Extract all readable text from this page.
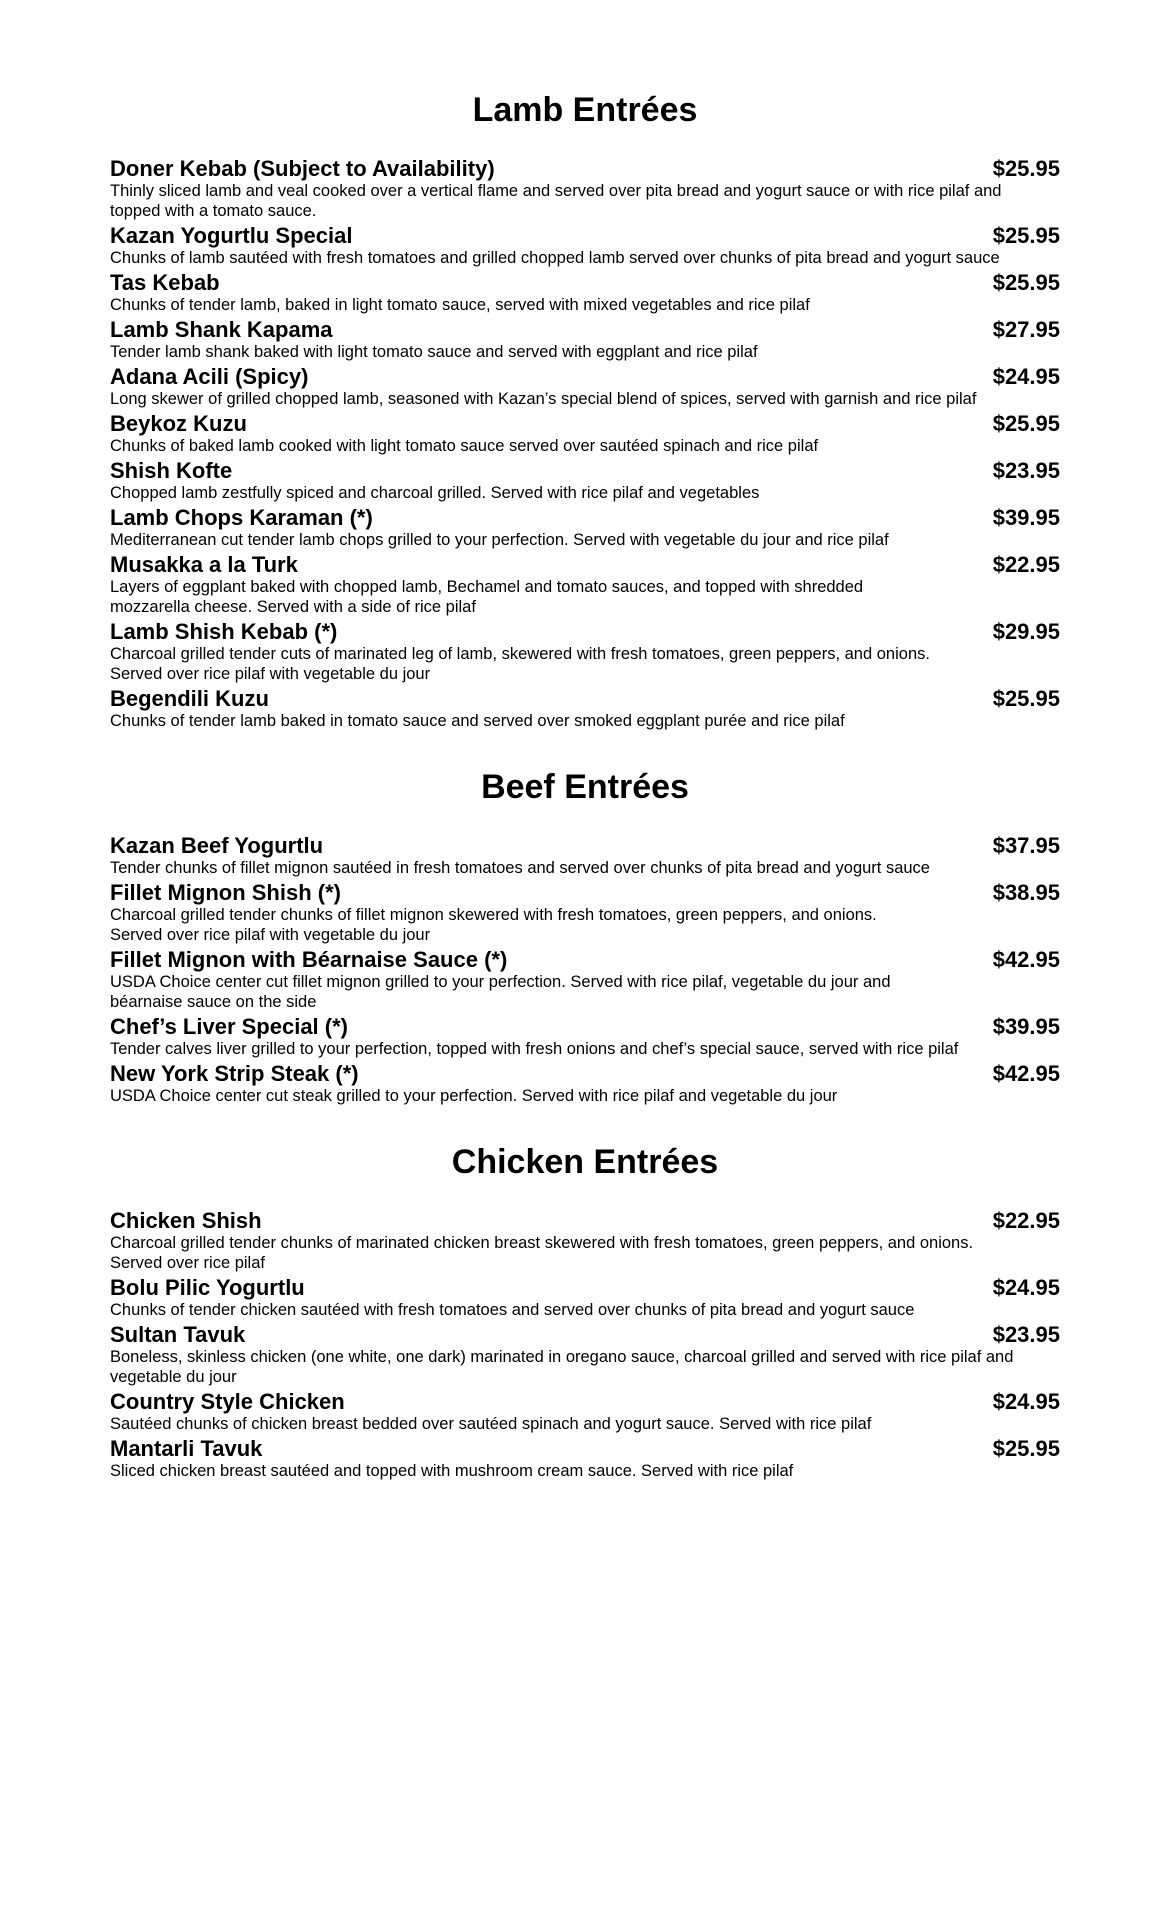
Lamb Entrées
Doner Kebab (Subject to Availability)	$25.95
Thinly sliced lamb and veal cooked over a vertical flame and served over pita bread and yogurt sauce or with rice pilaf and topped with a tomato sauce.
Kazan Yogurtlu Special	$25.95
Chunks of lamb sautéed with fresh tomatoes and grilled chopped lamb served over chunks of pita bread and yogurt sauce
Tas Kebab	$25.95
Chunks of tender lamb, baked in light tomato sauce, served with mixed vegetables and rice pilaf
Lamb Shank Kapama	$27.95
Tender lamb shank baked with light tomato sauce and served with eggplant and rice pilaf
Adana Acili (Spicy)	$24.95
Long skewer of grilled chopped lamb, seasoned with Kazan’s special blend of spices, served with garnish and rice pilaf
Beykoz Kuzu	$25.95
Chunks of baked lamb cooked with light tomato sauce served over sautéed spinach and rice pilaf
Shish Kofte	$23.95
Chopped lamb zestfully spiced and charcoal grilled. Served with rice pilaf and vegetables
Lamb Chops Karaman (*)	$39.95
Mediterranean cut tender lamb chops grilled to your perfection. Served with vegetable du jour and rice pilaf
Musakka a la Turk	$22.95
Layers of eggplant baked with chopped lamb, Bechamel and tomato sauces, and topped with shredded
mozzarella cheese. Served with a side of rice pilaf
Lamb Shish Kebab (*)	$29.95
Charcoal grilled tender cuts of marinated leg of lamb, skewered with fresh tomatoes, green peppers, and onions.
Served over rice pilaf with vegetable du jour
Begendili Kuzu	$25.95
Chunks of tender lamb baked in tomato sauce and served over smoked eggplant purée and rice pilaf
Beef Entrées
Kazan Beef Yogurtlu	$37.95
Tender chunks of fillet mignon sautéed in fresh tomatoes and served over chunks of pita bread and yogurt sauce
Fillet Mignon Shish (*)	$38.95
Charcoal grilled tender chunks of fillet mignon skewered with fresh tomatoes, green peppers, and onions.
Served over rice pilaf with vegetable du jour
Fillet Mignon with Béarnaise Sauce (*)	$42.95
USDA Choice center cut fillet mignon grilled to your perfection. Served with rice pilaf, vegetable du jour and
béarnaise sauce on the side
Chef’s Liver Special (*)	$39.95
Tender calves liver grilled to your perfection, topped with fresh onions and chef’s special sauce, served with rice pilaf
New York Strip Steak (*)	$42.95
USDA Choice center cut steak grilled to your perfection. Served with rice pilaf and vegetable du jour
Chicken Entrées
Chicken Shish	$22.95
Charcoal grilled tender chunks of marinated chicken breast skewered with fresh tomatoes, green peppers, and onions.
Served over rice pilaf
Bolu Pilic Yogurtlu	$24.95
Chunks of tender chicken sautéed with fresh tomatoes and served over chunks of pita bread and yogurt sauce
Sultan Tavuk	$23.95
Boneless, skinless chicken (one white, one dark) marinated in oregano sauce, charcoal grilled and served with rice pilaf and vegetable du jour
Country Style Chicken	$24.95
Sautéed chunks of chicken breast bedded over sautéed spinach and yogurt sauce. Served with rice pilaf
Mantarli Tavuk	$25.95
Sliced chicken breast sautéed and topped with mushroom cream sauce. Served with rice pilaf
